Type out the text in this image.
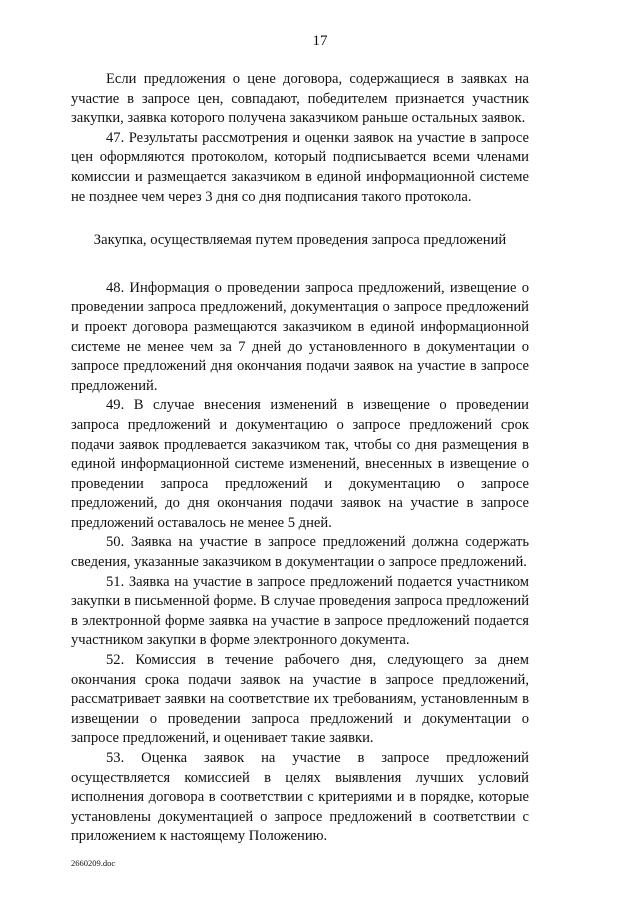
17

Если предложения о цене договора, содержащиеся в заявках на участие в запросе цен, совпадают, победителем признается участник закупки, заявка которого получена заказчиком раньше остальных заявок.

47. Результаты рассмотрения и оценки заявок на участие в запросе цен оформляются протоколом, который подписывается всеми членами комиссии и размещается заказчиком в единой информационной системе не позднее чем через 3 дня со дня подписания такого протокола.

Закупка, осуществляемая путем проведения запроса предложений

48. Информация о проведении запроса предложений, извещение о проведении запроса предложений, документация о запросе предложений и проект договора размещаются заказчиком в единой информационной системе не менее чем за 7 дней до установленного в документации о запросе предложений дня окончания подачи заявок на участие в запросе предложений.

49. В случае внесения изменений в извещение о проведении запроса предложений и документацию о запросе предложений срок подачи заявок продлевается заказчиком так, чтобы со дня размещения в единой информационной системе изменений, внесенных в извещение о проведении запроса предложений и документацию о запросе предложений, до дня окончания подачи заявок на участие в запросе предложений оставалось не менее 5 дней.

50. Заявка на участие в запросе предложений должна содержать сведения, указанные заказчиком в документации о запросе предложений.

51. Заявка на участие в запросе предложений подается участником закупки в письменной форме. В случае проведения запроса предложений в электронной форме заявка на участие в запросе предложений подается участником закупки в форме электронного документа.

52. Комиссия в течение рабочего дня, следующего за днем окончания срока подачи заявок на участие в запросе предложений, рассматривает заявки на соответствие их требованиям, установленным в извещении о проведении запроса предложений и документации о запросе предложений, и оценивает такие заявки.

53. Оценка заявок на участие в запросе предложений осуществляется комиссией в целях выявления лучших условий исполнения договора в соответствии с критериями и в порядке, которые установлены документацией о запросе предложений в соответствии с приложением к настоящему Положению.

2660209.doc
